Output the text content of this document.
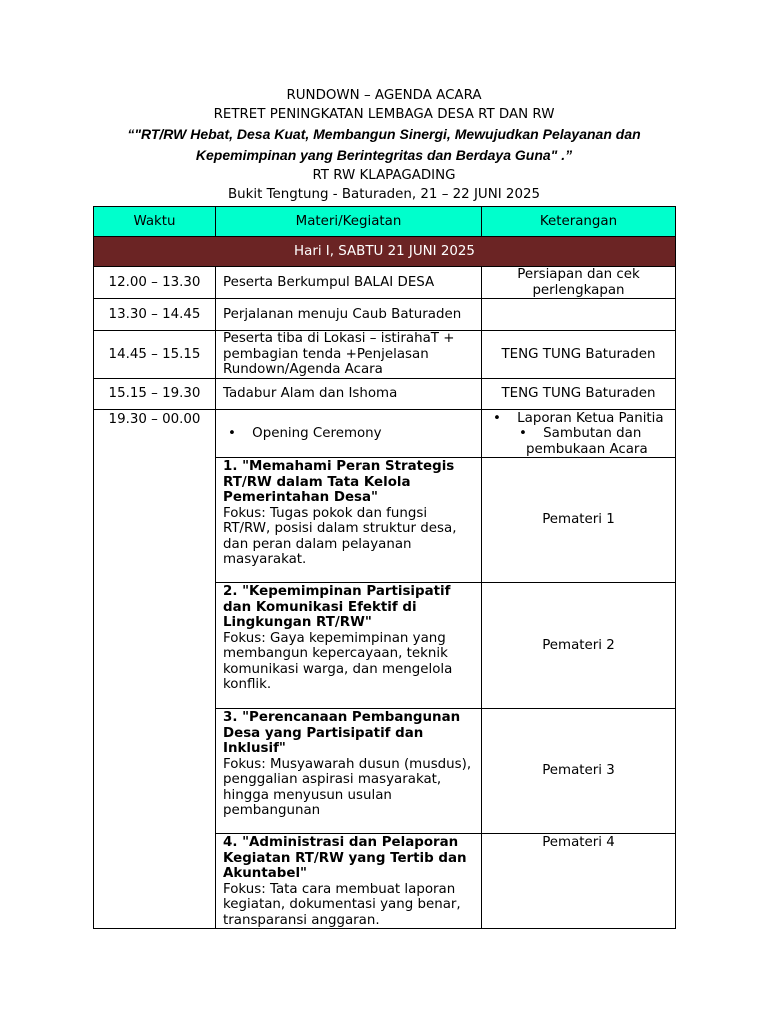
RUNDOWN – AGENDA ACARA
RETRET PENINGKATAN LEMBAGA DESA RT DAN RW
“"RT/RW Hebat, Desa Kuat, Membangun Sinergi, Mewujudkan Pelayanan dan
Kepemimpinan yang Berintegritas dan Berdaya Guna" .”
RT RW KLAPAGADING
Bukit Tengtung - Baturaden, 21 – 22 JUNI 2025
Waktu	Materi/Kegiatan	Keterangan
Hari I, SABTU 21 JUNI 2025		
12.00 – 13.30	Peserta Berkumpul BALAI DESA	Persiapan dan cek perlengkapan
13.30 – 14.45	Perjalanan menuju Caub Baturaden	
14.45 – 15.15	Peserta tiba di Lokasi – istirahaT + pembagian tenda +Penjelasan Rundown/Agenda Acara	TENG TUNG Baturaden
15.15 – 19.30	Tadabur Alam dan Ishoma	TENG TUNG Baturaden
19.30 – 00.00	• Opening Ceremony	• Laporan Ketua Panitia
• Sambutan dan
pembukaan Acara

	1. "Memahami Peran Strategis RT/RW dalam Tata Kelola Pemerintahan Desa"
Fokus: Tugas pokok dan fungsi RT/RW, posisi dalam struktur desa, dan peran dalam pelayanan masyarakat.	Pemateri 1

	2. "Kepemimpinan Partisipatif dan Komunikasi Efektif di Lingkungan RT/RW"
Fokus: Gaya kepemimpinan yang membangun kepercayaan, teknik komunikasi warga, dan mengelola konflik.	Pemateri 2

	3. "Perencanaan Pembangunan Desa yang Partisipatif dan Inklusif"
Fokus: Musyawarah dusun (musdus), penggalian aspirasi masyarakat, hingga menyusun usulan pembangunan	Pemateri 3

	4. "Administrasi dan Pelaporan Kegiatan RT/RW yang Tertib dan Akuntabel"
Fokus: Tata cara membuat laporan kegiatan, dokumentasi yang benar, transparansi anggaran.	Pemateri 4
